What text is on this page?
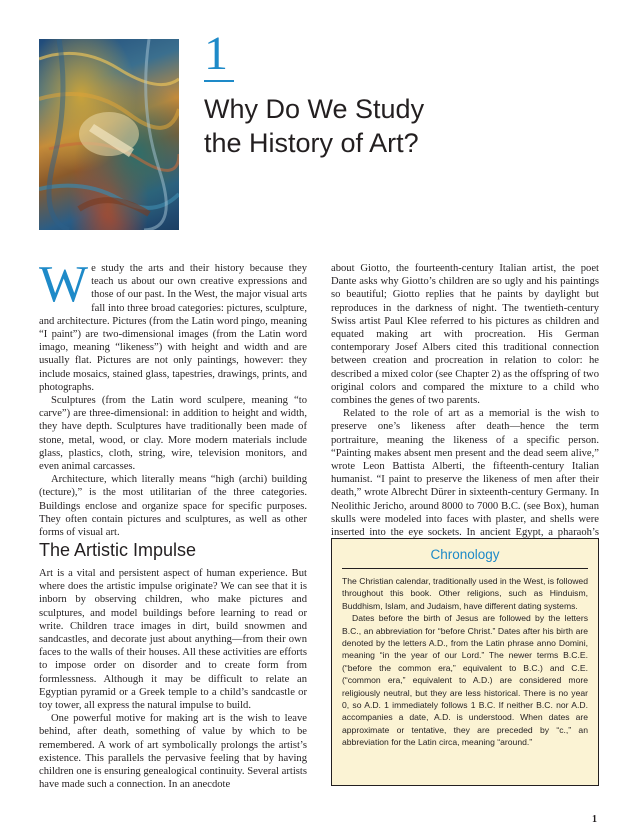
1
Why Do We Study
the History of Art?

We study the arts and their history because they teach us about our own creative expressions and those of our past. In the West, the major visual arts fall into three broad categories: pictures, sculpture, and architecture. Pictures (from the Latin word pingo, meaning “I paint”) are two-dimensional images (from the Latin word imago, meaning “likeness”) with height and width and are usually flat. Pictures are not only paintings, however: they include mosaics, stained glass, tapestries, drawings, prints, and photographs.

Sculptures (from the Latin word sculpere, meaning “to carve”) are three-dimensional: in addition to height and width, they have depth. Sculptures have traditionally been made of stone, metal, wood, or clay. More modern materials include glass, plastics, cloth, string, wire, television monitors, and even animal carcasses.

Architecture, which literally means “high (archi) building (tecture),” is the most utilitarian of the three categories. Buildings enclose and organize space for specific purposes. They often contain pictures and sculptures, as well as other forms of visual art.

about Giotto, the fourteenth-century Italian artist, the poet Dante asks why Giotto’s children are so ugly and his paintings so beautiful; Giotto replies that he paints by daylight but reproduces in the darkness of night. The twentieth-century Swiss artist Paul Klee referred to his pictures as children and equated making art with procreation. His German contemporary Josef Albers cited this traditional connection between creation and procreation in relation to color: he described a mixed color (see Chapter 2) as the offspring of two original colors and compared the mixture to a child who combines the genes of two parents.

Related to the role of art as a memorial is the wish to preserve one’s likeness after death—hence the term portraiture, meaning the likeness of a specific person. “Painting makes absent men present and the dead seem alive,” wrote Leon Battista Alberti, the fifteenth-century Italian humanist. “I paint to preserve the likeness of men after their death,” wrote Albrecht Dürer in sixteenth-century Germany. In Neolithic Jericho, around 8000 to 7000 B.C. (see Box), human skulls were modeled into faces with plaster, and shells were inserted into the eye sockets. In ancient Egypt, a pharaoh’s

The Artistic Impulse

Art is a vital and persistent aspect of human experience. But where does the artistic impulse originate? We can see that it is inborn by observing children, who make pictures and sculptures, and model buildings before learning to read or write. Children trace images in dirt, build snowmen and sandcastles, and decorate just about anything—from their own faces to the walls of their houses. All these activities are efforts to impose order on disorder and to create form from formlessness. Although it may be difficult to relate an Egyptian pyramid or a Greek temple to a child’s sandcastle or toy tower, all express the natural impulse to build.

One powerful motive for making art is the wish to leave behind, after death, something of value by which to be remembered. A work of art symbolically prolongs the artist’s existence. This parallels the pervasive feeling that by having children one is ensuring genealogical continuity. Several artists have made such a connection. In an anecdote

Chronology

The Christian calendar, traditionally used in the West, is followed throughout this book. Other religions, such as Hinduism, Buddhism, Islam, and Judaism, have different dating systems.

Dates before the birth of Jesus are followed by the letters B.C., an abbreviation for “before Christ.” Dates after his birth are denoted by the letters A.D., from the Latin phrase anno Domini, meaning “in the year of our Lord.” The newer terms B.C.E. (“before the common era,” equivalent to B.C.) and C.E. (“common era,” equivalent to A.D.) are considered more religiously neutral, but they are less historical. There is no year 0, so A.D. 1 immediately follows 1 B.C. If neither B.C. nor A.D. accompanies a date, A.D. is understood. When dates are approximate or tentative, they are preceded by “c.,” an abbreviation for the Latin circa, meaning “around.”

1
